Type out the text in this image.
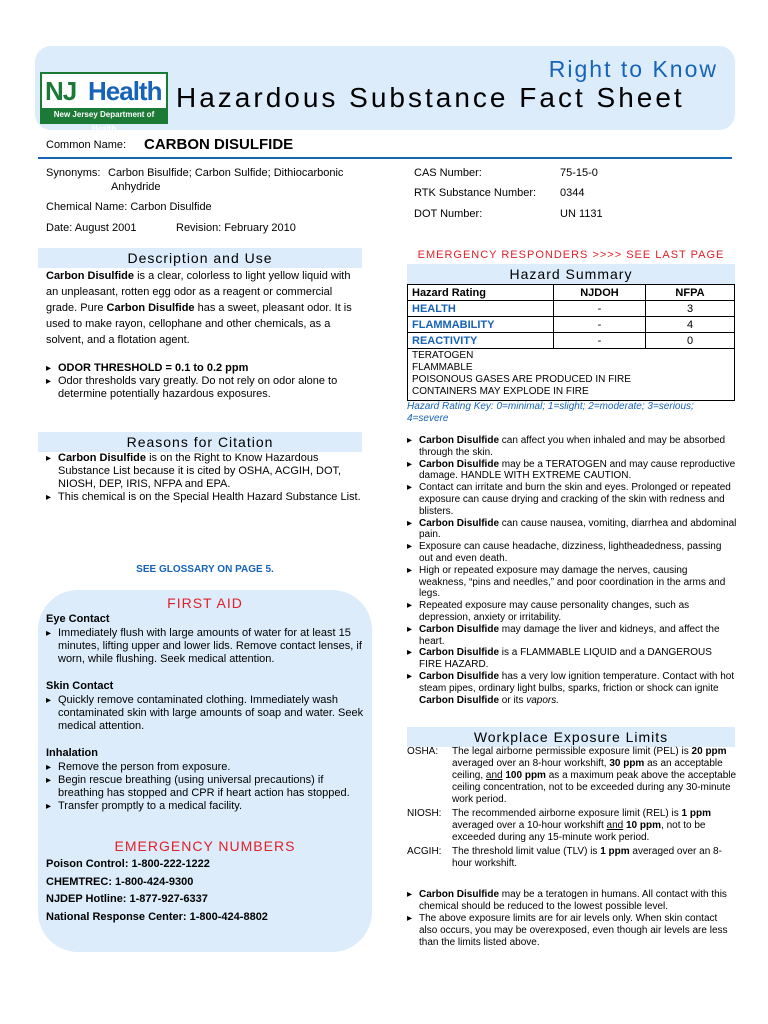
NJ Health
New Jersey Department of Health
Right to Know
Hazardous Substance Fact Sheet
Common Name: CARBON DISULFIDE
Synonyms: Carbon Bisulfide; Carbon Sulfide; Dithiocarbonic
Anhydride
Chemical Name: Carbon Disulfide
Date: August 2001	Revision: February 2010
CAS Number:	75-15-0
RTK Substance Number: 0344
DOT Number:	UN 1131
Description and Use
Carbon Disulfide is a clear, colorless to light yellow liquid with an unpleasant, rotten egg odor as a reagent or commercial grade. Pure Carbon Disulfide has a sweet, pleasant odor. It is used to make rayon, cellophane and other chemicals, as a solvent, and a flotation agent.
▸ ODOR THRESHOLD = 0.1 to 0.2 ppm
▸ Odor thresholds vary greatly. Do not rely on odor alone to determine potentially hazardous exposures.
Reasons for Citation
▸ Carbon Disulfide is on the Right to Know Hazardous Substance List because it is cited by OSHA, ACGIH, DOT, NIOSH, DEP, IRIS, NFPA and EPA.
▸ This chemical is on the Special Health Hazard Substance List.
SEE GLOSSARY ON PAGE 5.
FIRST AID
Eye Contact
▸ Immediately flush with large amounts of water for at least 15 minutes, lifting upper and lower lids. Remove contact lenses, if worn, while flushing. Seek medical attention.
Skin Contact
▸ Quickly remove contaminated clothing. Immediately wash contaminated skin with large amounts of soap and water. Seek medical attention.
Inhalation
▸ Remove the person from exposure.
▸ Begin rescue breathing (using universal precautions) if breathing has stopped and CPR if heart action has stopped.
▸ Transfer promptly to a medical facility.
EMERGENCY NUMBERS
Poison Control: 1-800-222-1222
CHEMTREC: 1-800-424-9300
NJDEP Hotline: 1-877-927-6337
National Response Center: 1-800-424-8802
EMERGENCY RESPONDERS >>>> SEE LAST PAGE
Hazard Summary
Hazard Rating	NJDOH	NFPA
HEALTH	-	3
FLAMMABILITY	-	4
REACTIVITY	-	0
TERATOGEN
FLAMMABLE
POISONOUS GASES ARE PRODUCED IN FIRE
CONTAINERS MAY EXPLODE IN FIRE
Hazard Rating Key: 0=minimal; 1=slight; 2=moderate; 3=serious; 4=severe
▸ Carbon Disulfide can affect you when inhaled and may be absorbed through the skin.
▸ Carbon Disulfide may be a TERATOGEN and may cause reproductive damage. HANDLE WITH EXTREME CAUTION.
▸ Contact can irritate and burn the skin and eyes. Prolonged or repeated exposure can cause drying and cracking of the skin with redness and blisters.
▸ Carbon Disulfide can cause nausea, vomiting, diarrhea and abdominal pain.
▸ Exposure can cause headache, dizziness, lightheadedness, passing out and even death.
▸ High or repeated exposure may damage the nerves, causing weakness, “pins and needles,” and poor coordination in the arms and legs.
▸ Repeated exposure may cause personality changes, such as depression, anxiety or irritability.
▸ Carbon Disulfide may damage the liver and kidneys, and affect the heart.
▸ Carbon Disulfide is a FLAMMABLE LIQUID and a DANGEROUS FIRE HAZARD.
▸ Carbon Disulfide has a very low ignition temperature. Contact with hot steam pipes, ordinary light bulbs, sparks, friction or shock can ignite Carbon Disulfide or its vapors.
Workplace Exposure Limits
OSHA:	The legal airborne permissible exposure limit (PEL) is 20 ppm averaged over an 8-hour workshift, 30 ppm as an acceptable ceiling, and 100 ppm as a maximum peak above the acceptable ceiling concentration, not to be exceeded during any 30-minute work period.
NIOSH:	The recommended airborne exposure limit (REL) is 1 ppm averaged over a 10-hour workshift and 10 ppm, not to be exceeded during any 15-minute work period.
ACGIH:	The threshold limit value (TLV) is 1 ppm averaged over an 8-hour workshift.
▸ Carbon Disulfide may be a teratogen in humans. All contact with this chemical should be reduced to the lowest possible level.
▸ The above exposure limits are for air levels only. When skin contact also occurs, you may be overexposed, even though air levels are less than the limits listed above.
